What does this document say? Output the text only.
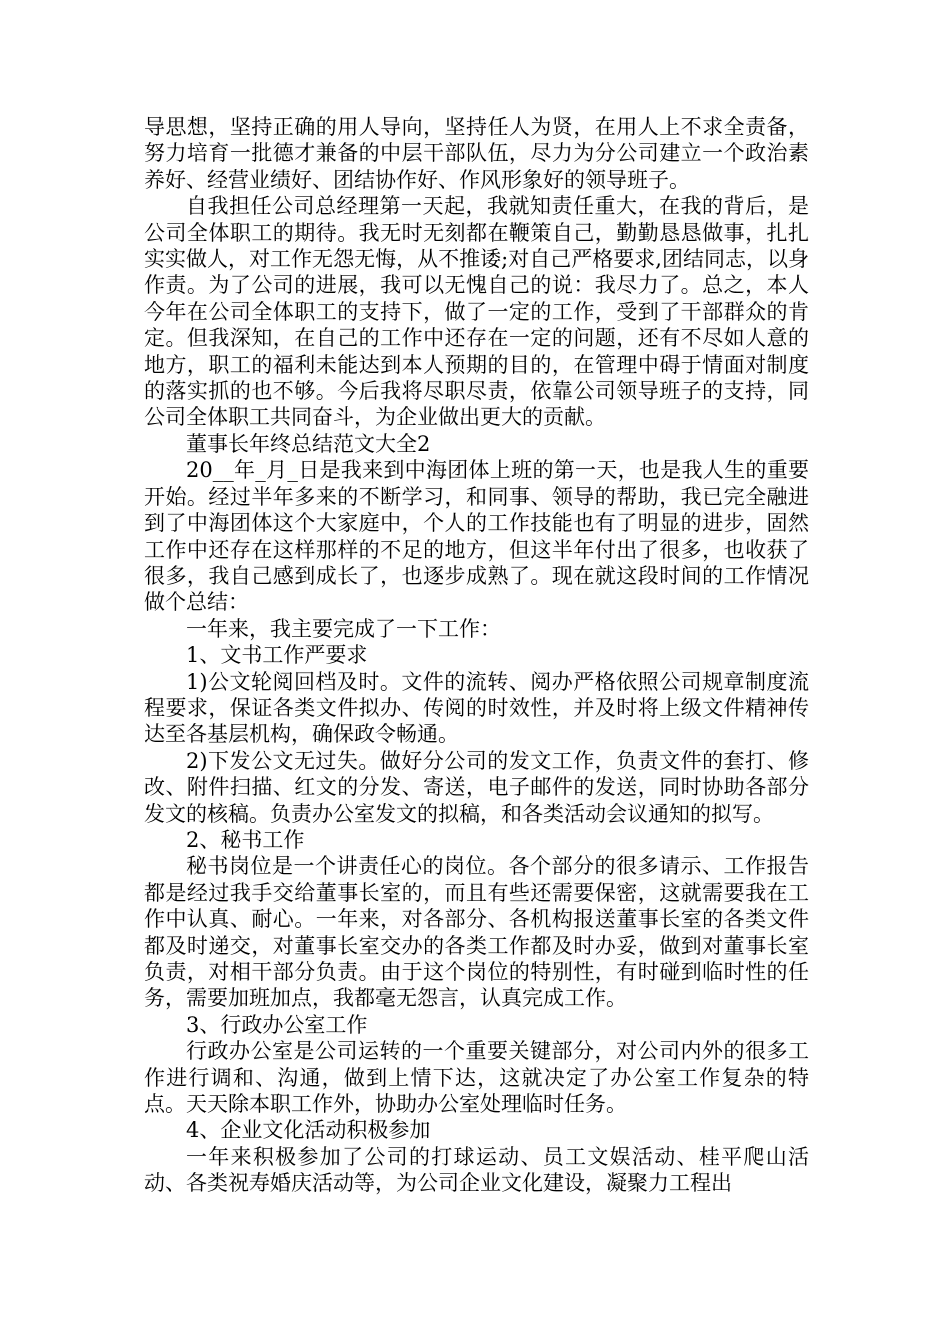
导思想，坚持正确的用人导向，坚持任人为贤，在用人上不求全责备，努力培育一批德才兼备的中层干部队伍，尽力为分公司建立一个政治素养好、经营业绩好、团结协作好、作风形象好的领导班子。

自我担任公司总经理第一天起，我就知责任重大，在我的背后，是公司全体职工的期待。我无时无刻都在鞭策自己，勤勤恳恳做事，扎扎实实做人，对工作无怨无悔，从不推诿;对自己严格要求,团结同志，以身作责。为了公司的进展，我可以无愧自己的说：我尽力了。总之，本人今年在公司全体职工的支持下，做了一定的工作，受到了干部群众的肯定。但我深知，在自己的工作中还存在一定的问题，还有不尽如人意的地方，职工的福利未能达到本人预期的目的，在管理中碍于情面对制度的落实抓的也不够。今后我将尽职尽责，依靠公司领导班子的支持，同公司全体职工共同奋斗，为企业做出更大的贡献。

董事长年终总结范文大全2

20__年_月_日是我来到中海团体上班的第一天，也是我人生的重要开始。经过半年多来的不断学习，和同事、领导的帮助，我已完全融进到了中海团体这个大家庭中，个人的工作技能也有了明显的进步，固然工作中还存在这样那样的不足的地方，但这半年付出了很多，也收获了很多，我自己感到成长了，也逐步成熟了。现在就这段时间的工作情况做个总结：

一年来，我主要完成了一下工作：

1、文书工作严要求

1)公文轮阅回档及时。文件的流转、阅办严格依照公司规章制度流程要求，保证各类文件拟办、传阅的时效性，并及时将上级文件精神传达至各基层机构，确保政令畅通。

2)下发公文无过失。做好分公司的发文工作，负责文件的套打、修改、附件扫描、红文的分发、寄送，电子邮件的发送，同时协助各部分发文的核稿。负责办公室发文的拟稿，和各类活动会议通知的拟写。

2、秘书工作

秘书岗位是一个讲责任心的岗位。各个部分的很多请示、工作报告都是经过我手交给董事长室的，而且有些还需要保密，这就需要我在工作中认真、耐心。一年来，对各部分、各机构报送董事长室的各类文件都及时递交，对董事长室交办的各类工作都及时办妥，做到对董事长室负责，对相干部分负责。由于这个岗位的特别性，有时碰到临时性的任务，需要加班加点，我都毫无怨言，认真完成工作。

3、行政办公室工作

行政办公室是公司运转的一个重要关键部分，对公司内外的很多工作进行调和、沟通，做到上情下达，这就决定了办公室工作复杂的特点。天天除本职工作外，协助办公室处理临时任务。

4、企业文化活动积极参加

一年来积极参加了公司的打球运动、员工文娱活动、桂平爬山活动、各类祝寿婚庆活动等，为公司企业文化建设，凝聚力工程出
